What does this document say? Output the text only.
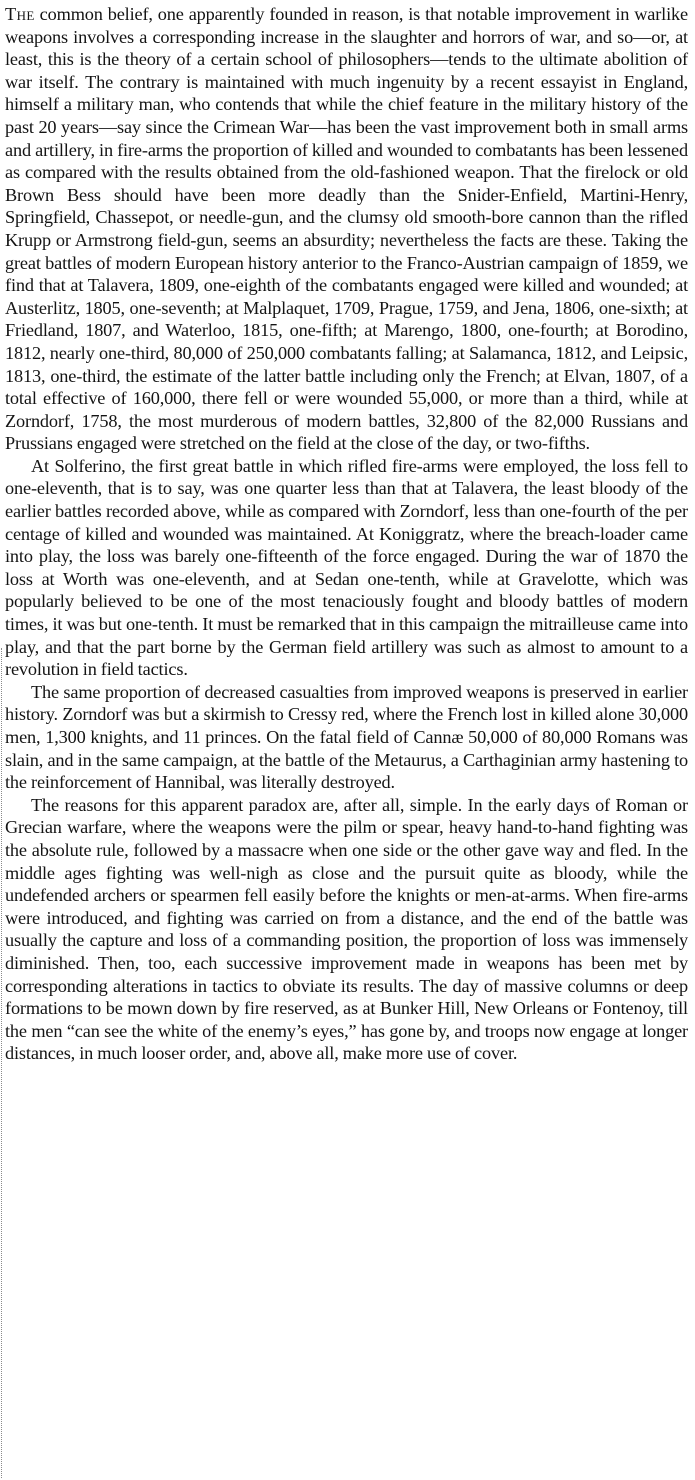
The common belief, one apparently founded in reason, is that notable improvement in warlike weapons involves a corresponding increase in the slaughter and horrors of war, and so—or, at least, this is the theory of a certain school of philosophers—tends to the ultimate abolition of war itself. The contrary is maintained with much ingenuity by a recent essayist in England, himself a military man, who contends that while the chief feature in the military history of the past 20 years—say since the Crimean War—has been the vast improvement both in small arms and artillery, in fire-arms the proportion of killed and wounded to combatants has been lessened as compared with the results obtained from the old-fashioned weapon. That the firelock or old Brown Bess should have been more deadly than the Snider-Enfield, Martini-Henry, Springfield, Chassepot, or needle-gun, and the clumsy old smooth-bore cannon than the rifled Krupp or Armstrong field-gun, seems an absurdity; nevertheless the facts are these. Taking the great battles of modern European history anterior to the Franco-Austrian campaign of 1859, we find that at Talavera, 1809, one-eighth of the combatants engaged were killed and wounded; at Austerlitz, 1805, one-seventh; at Malplaquet, 1709, Prague, 1759, and Jena, 1806, one-sixth; at Friedland, 1807, and Waterloo, 1815, one-fifth; at Marengo, 1800, one-fourth; at Borodino, 1812, nearly one-third, 80,000 of 250,000 combatants falling; at Salamanca, 1812, and Leipsic, 1813, one-third, the estimate of the latter battle including only the French; at Elvan, 1807, of a total effective of 160,000, there fell or were wounded 55,000, or more than a third, while at Zorndorf, 1758, the most murderous of modern battles, 32,800 of the 82,000 Russians and Prussians engaged were stretched on the field at the close of the day, or two-fifths.

At Solferino, the first great battle in which rifled fire-arms were employed, the loss fell to one-eleventh, that is to say, was one quarter less than that at Talavera, the least bloody of the earlier battles recorded above, while as compared with Zorndorf, less than one-fourth of the per centage of killed and wounded was maintained. At Koniggratz, where the breach-loader came into play, the loss was barely one-fifteenth of the force engaged. During the war of 1870 the loss at Worth was one-eleventh, and at Sedan one-tenth, while at Gravelotte, which was popularly believed to be one of the most tenaciously fought and bloody battles of modern times, it was but one-tenth. It must be remarked that in this campaign the mitrailleuse came into play, and that the part borne by the German field artillery was such as almost to amount to a revolution in field tactics.

The same proportion of decreased casualties from improved weapons is preserved in earlier history. Zorndorf was but a skirmish to Cressy red, where the French lost in killed alone 30,000 men, 1,300 knights, and 11 princes. On the fatal field of Cannæ 50,000 of 80,000 Romans was slain, and in the same campaign, at the battle of the Metaurus, a Carthaginian army hastening to the reinforcement of Hannibal, was literally destroyed.

The reasons for this apparent paradox are, after all, simple. In the early days of Roman or Grecian warfare, where the weapons were the pilm or spear, heavy hand-to-hand fighting was the absolute rule, followed by a massacre when one side or the other gave way and fled. In the middle ages fighting was well-nigh as close and the pursuit quite as bloody, while the undefended archers or spearmen fell easily before the knights or men-at-arms. When fire-arms were introduced, and fighting was carried on from a distance, and the end of the battle was usually the capture and loss of a commanding position, the proportion of loss was immensely diminished. Then, too, each successive improvement made in weapons has been met by corresponding alterations in tactics to obviate its results. The day of massive columns or deep formations to be mown down by fire reserved, as at Bunker Hill, New Orleans or Fontenoy, till the men “can see the white of the enemy’s eyes,” has gone by, and troops now engage at longer distances, in much looser order, and, above all, make more use of cover.
